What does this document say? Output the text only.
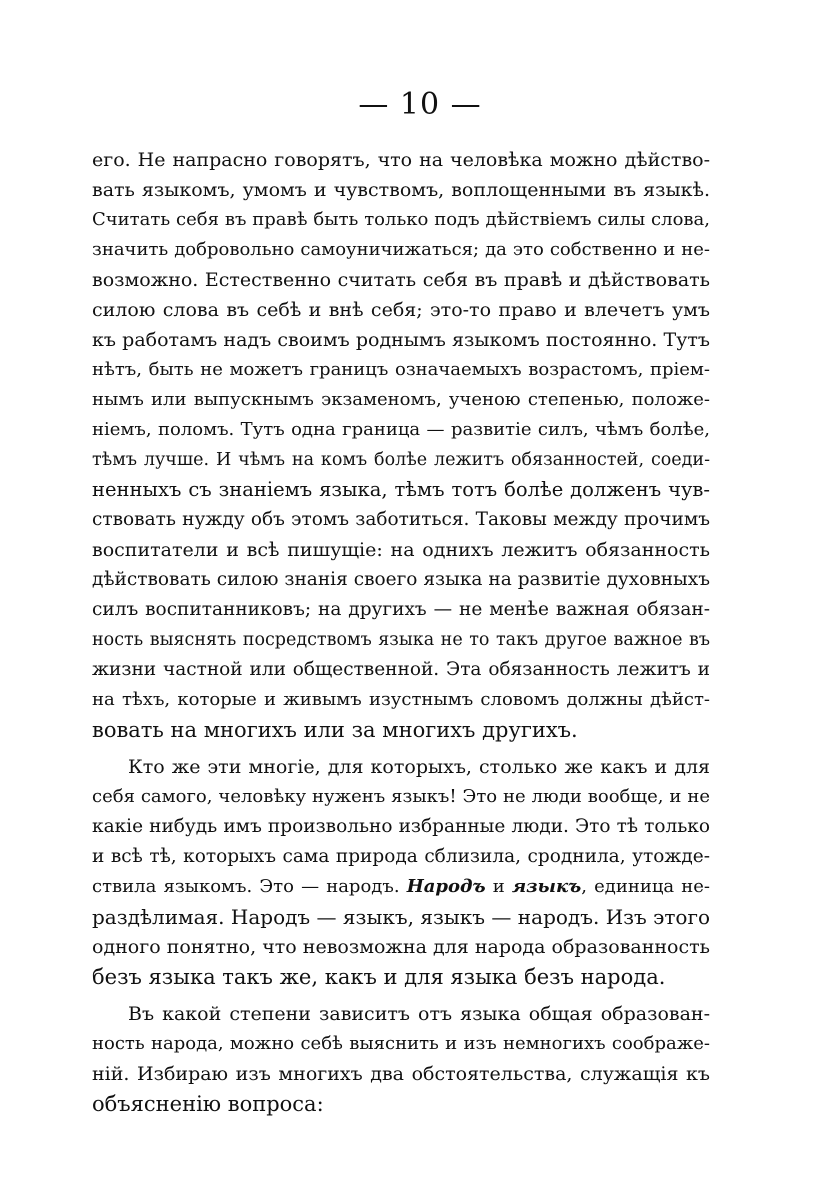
— 10 —
его. Не напрасно говорятъ, что на человѣка можно дѣйство-
вать языкомъ, умомъ и чувствомъ, воплощенными въ языкѣ.
Считать себя въ правѣ быть только подъ дѣйствіемъ силы слова,
значить добровольно самоуничижаться; да это собственно и не-
возможно. Естественно считать себя въ правѣ и дѣйствовать
силою слова въ себѣ и внѣ себя; это-то право и влечетъ умъ
къ работамъ надъ своимъ роднымъ языкомъ постоянно. Тутъ
нѣтъ, быть не можетъ границъ означаемыхъ возрастомъ, пріем-
нымъ или выпускнымъ экзаменомъ, ученою степенью, положе-
ніемъ, поломъ. Тутъ одна граница — развитіе силъ, чѣмъ болѣе,
тѣмъ лучше. И чѣмъ на комъ болѣе лежитъ обязанностей, соеди-
ненныхъ съ знаніемъ языка, тѣмъ тотъ болѣе долженъ чув-
ствовать нужду объ этомъ заботиться. Таковы между прочимъ
воспитатели и всѣ пишущіе: на однихъ лежитъ обязанность
дѣйствовать силою знанія своего языка на развитіе духовныхъ
силъ воспитанниковъ; на другихъ — не менѣе важная обязан-
ность выяснять посредствомъ языка не то такъ другое важное въ
жизни частной или общественной. Эта обязанность лежитъ и
на тѣхъ, которые и живымъ изустнымъ словомъ должны дѣйст-
вовать на многихъ или за многихъ другихъ.
Кто же эти многіе, для которыхъ, столько же какъ и для
себя самого, человѣку нуженъ языкъ! Это не люди вообще, и не
какіе нибудь имъ произвольно избранные люди. Это тѣ только
и всѣ тѣ, которыхъ сама природа сблизила, сроднила, утожде-
ствила языкомъ. Это — народъ. Народъ и языкъ, единица не-
раздѣлимая. Народъ — языкъ, языкъ — народъ. Изъ этого
одного понятно, что невозможна для народа образованность
безъ языка такъ же, какъ и для языка безъ народа.
Въ какой степени зависитъ отъ языка общая образован-
ность народа, можно себѣ выяснить и изъ немногихъ соображе-
ній. Избираю изъ многихъ два обстоятельства, служащія къ
объясненію вопроса:
